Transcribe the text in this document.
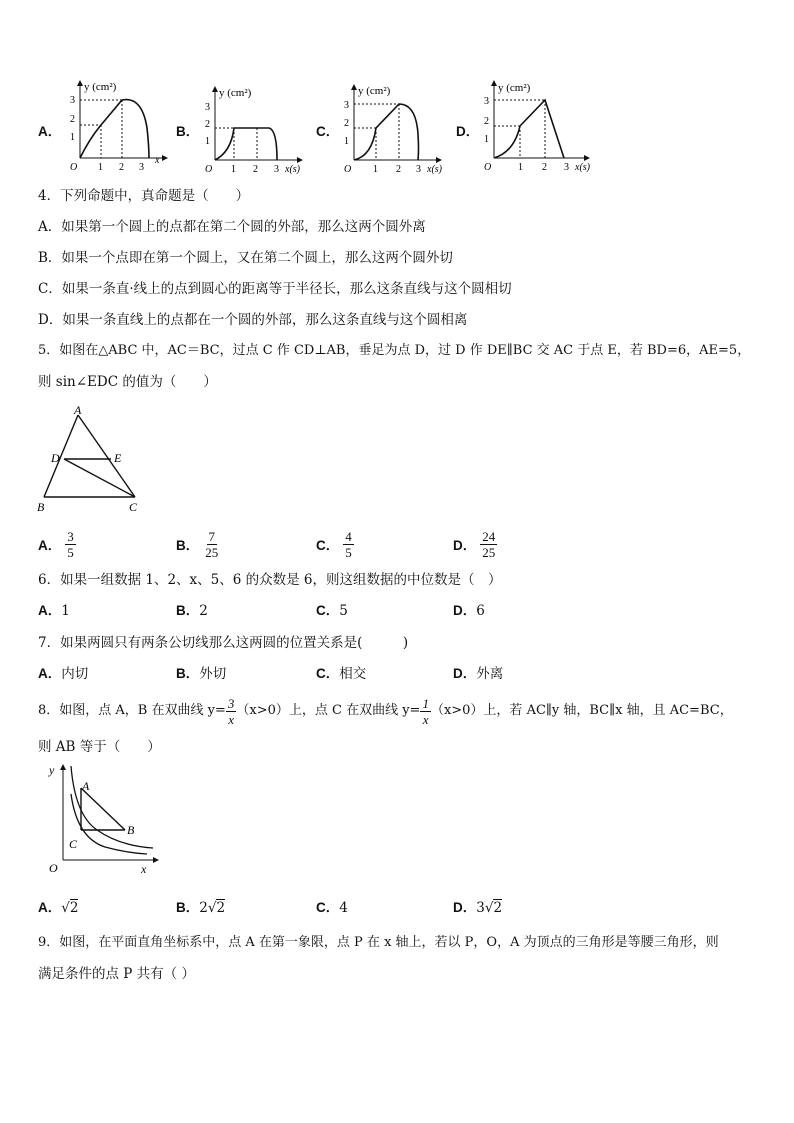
A．
y (cm²)
1
2
3
O 1 2 3
x
B．
y (cm²)
1
2
3
O 1 2 3 x(s)
C．
y (cm²)
1
2
3
O 1 2 3 x(s)
D．
y (cm²)
1
2
3
O	1 2 3 x(s)
4．下列命题中，真命题是（　　）
A．如果第一个圆上的点都在第二个圆的外部，那么这两个圆外离
B．如果一个点即在第一个圆上，又在第二个圆上，那么这两个圆外切
C．如果一条直·线上的点到圆心的距离等于半径长，那么这条直线与这个圆相切
D．如果一条直线上的点都在一个圆的外部，那么这条直线与这个圆相离
5．如图在△ABC 中，AC＝BC，过点 C 作 CD⊥AB，垂足为点 D，过 D 作 DE∥BC 交 AC 于点 E，若 BD=6，AE=5，
则 sin∠EDC 的值为（　　）
A
D	E
B	C
A． $\frac{3}{5}$	B． $\frac{7}{25}$	C． $\frac{4}{5}$	D． $\frac{24}{25}$
6．如果一组数据 1、2、x、5、6 的众数是 6，则这组数据的中位数是（　）
A．1	B．2	C．5	D．6
7．如果两圆只有两条公切线那么这两圆的位置关系是(　　　)
A．内切	B．外切	C．相交	D．外离
8．如图，点 A，B 在双曲线 $y= \frac{3}{x} (x>0)$上，点 C 在双曲线 $y= \frac{1}{x} (x>0)$上，若 AC∥y 轴，BC∥x 轴，且 AC=BC，
则 AB 等于（　　）
y
x
O
A
B
C
A．√2	B．2√2	C．4	D．3√2
9．如图，在平面直角坐标系中，点 A 在第一象限，点 P 在 x 轴上，若以 P，O，A 为顶点的三角形是等腰三角形，则
满足条件的点 P 共有（ ）
